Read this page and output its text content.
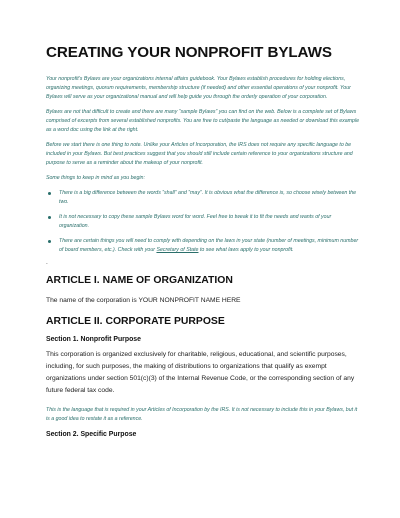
CREATING YOUR NONPROFIT BYLAWS

Your nonprofit’s Bylaws are your organizations internal affairs guidebook. Your Bylaws establish procedures for holding elections, organizing meetings, quorum requirements, membership structure (if needed) and other essential operations of your nonprofit. Your Bylaws will serve as your organizational manual and will help guide you through the orderly operation of your corporation.

Bylaws are not that difficult to create and there are many “sample Bylaws” you can find on the web. Below is a complete set of Bylaws comprised of excerpts from several established nonprofits. You are free to cut/paste the language as needed or download this example as a word doc using the link at the right.

Before we start there is one thing to note. Unlike your Articles of Incorporation, the IRS does not require any specific language to be included in your Bylaws. But best practices suggest that you should still include certain reference to your organizations structure and purpose to serve as a reminder about the makeup of your nonprofit.

Some things to keep in mind as you begin:

There is a big difference between the words “shall” and “may”. It is obvious what the difference is, so choose wisely between the two.
It is not necessary to copy these sample Bylaws word for word. Feel free to tweak it to fit the needs and wants of your organization.
There are certain things you will need to comply with depending on the laws in your state (number of meetings, minimum number of board members, etc.). Check with your Secretary of State to see what laws apply to your nonprofit.
-
ARTICLE I. NAME OF ORGANIZATION

The name of the corporation is YOUR NONPROFIT NAME HERE

ARTICLE II. CORPORATE PURPOSE
Section 1. Nonprofit Purpose

This corporation is organized exclusively for charitable, religious, educational, and scientific purposes, including, for such purposes, the making of distributions to organizations that qualify as exempt organizations under section 501(c)(3) of the Internal Revenue Code, or the corresponding section of any future federal tax code.

This is the language that is required in your Articles of Incorporation by the IRS. It is not necessary to include this in your Bylaws, but it is a good idea to restate it as a reference.

Section 2. Specific Purpose
